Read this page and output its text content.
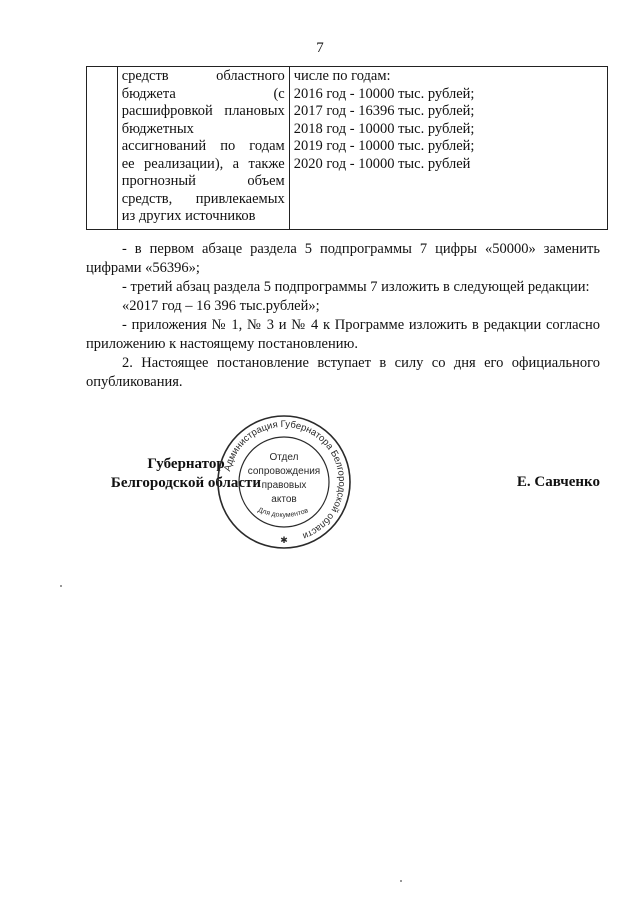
7

средств областного
бюджета (с
расшифровкой плановых
бюджетных
ассигнований по годам
ее реализации), а также
прогнозный объем
средств, привлекаемых
из других источников

числе по годам:
2016 год - 10000 тыс. рублей;
2017 год - 16396 тыс. рублей;
2018 год - 10000 тыс. рублей;
2019 год - 10000 тыс. рублей;
2020 год - 10000 тыс. рублей

- в первом абзаце раздела 5 подпрограммы 7 цифры «50000» заменить цифрами «56396»;

- третий абзац раздела 5 подпрограммы 7 изложить в следующей редакции:

«2017 год – 16 396 тыс.рублей»;

- приложения № 1, № 3 и № 4 к Программе изложить в редакции согласно приложению к настоящему постановлению.

2. Настоящее постановление вступает в силу со дня его официального опубликования.

Губернатор
Белгородской области	Е. Савченко
Администрация Губернатора Белгородской области
Отдел
сопровождения
правовых
актов
Для документов
✱
